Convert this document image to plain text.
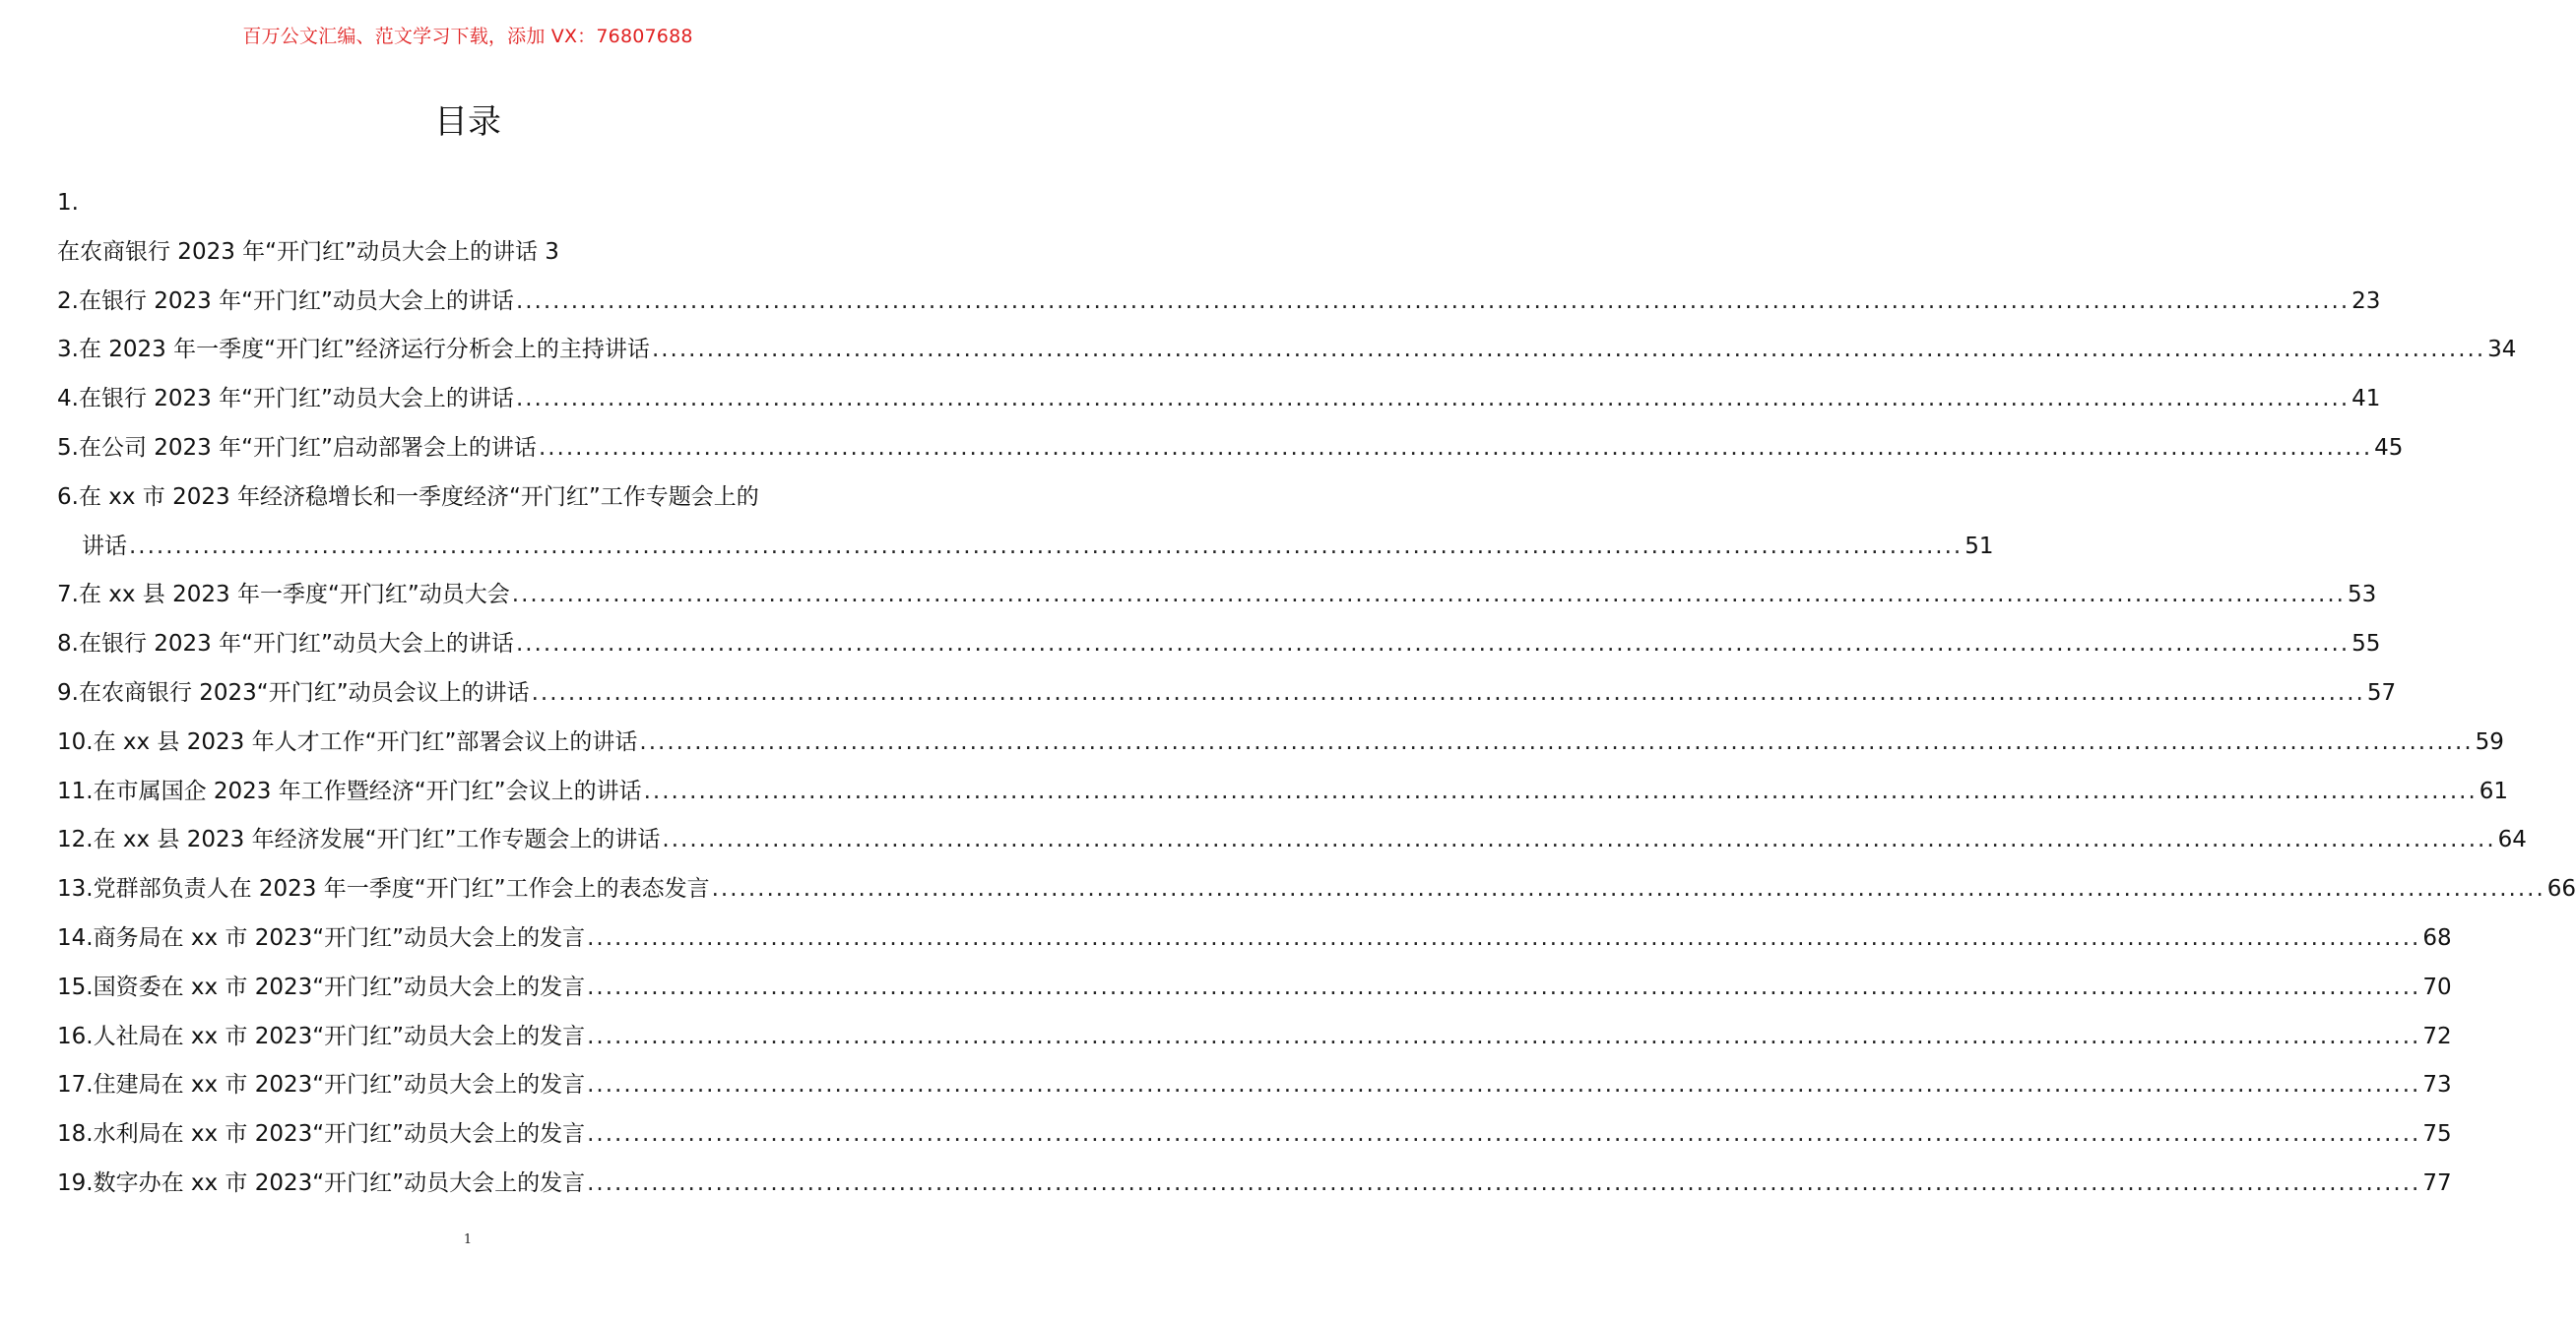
百万公文汇编、范文学习下载，添加 VX：76807688
目录
1.
在农商银行 2023 年“开门红”动员大会上的讲话 3
2.在银行 2023 年“开门红”动员大会上的讲话 ........................................................................................................................................................................................................ 23
3.在 2023 年一季度“开门红”经济运行分析会上的主持讲话 ........................................................................................................................................................................................................ 34
4.在银行 2023 年“开门红”动员大会上的讲话 ........................................................................................................................................................................................................ 41
5.在公司 2023 年“开门红”启动部署会上的讲话 ........................................................................................................................................................................................................ 45
6.在 xx 市 2023 年经济稳增长和一季度经济“开门红”工作专题会上的
讲话 ........................................................................................................................................................................................................ 51
7.在 xx 县 2023 年一季度“开门红”动员大会 ........................................................................................................................................................................................................ 53
8.在银行 2023 年“开门红”动员大会上的讲话 ........................................................................................................................................................................................................ 55
9.在农商银行 2023“开门红”动员会议上的讲话 ........................................................................................................................................................................................................ 57
10.在 xx 县 2023 年人才工作“开门红”部署会议上的讲话 ........................................................................................................................................................................................................ 59
11.在市属国企 2023 年工作暨经济“开门红”会议上的讲话 ........................................................................................................................................................................................................ 61
12.在 xx 县 2023 年经济发展“开门红”工作专题会上的讲话 ........................................................................................................................................................................................................ 64
13.党群部负责人在 2023 年一季度“开门红”工作会上的表态发言 ........................................................................................................................................................................................................ 66
14.商务局在 xx 市 2023“开门红”动员大会上的发言 ........................................................................................................................................................................................................ 68
15.国资委在 xx 市 2023“开门红”动员大会上的发言 ........................................................................................................................................................................................................ 70
16.人社局在 xx 市 2023“开门红”动员大会上的发言 ........................................................................................................................................................................................................ 72
17.住建局在 xx 市 2023“开门红”动员大会上的发言 ........................................................................................................................................................................................................ 73
18.水利局在 xx 市 2023“开门红”动员大会上的发言 ........................................................................................................................................................................................................ 75
19.数字办在 xx 市 2023“开门红”动员大会上的发言 ........................................................................................................................................................................................................ 77
1
